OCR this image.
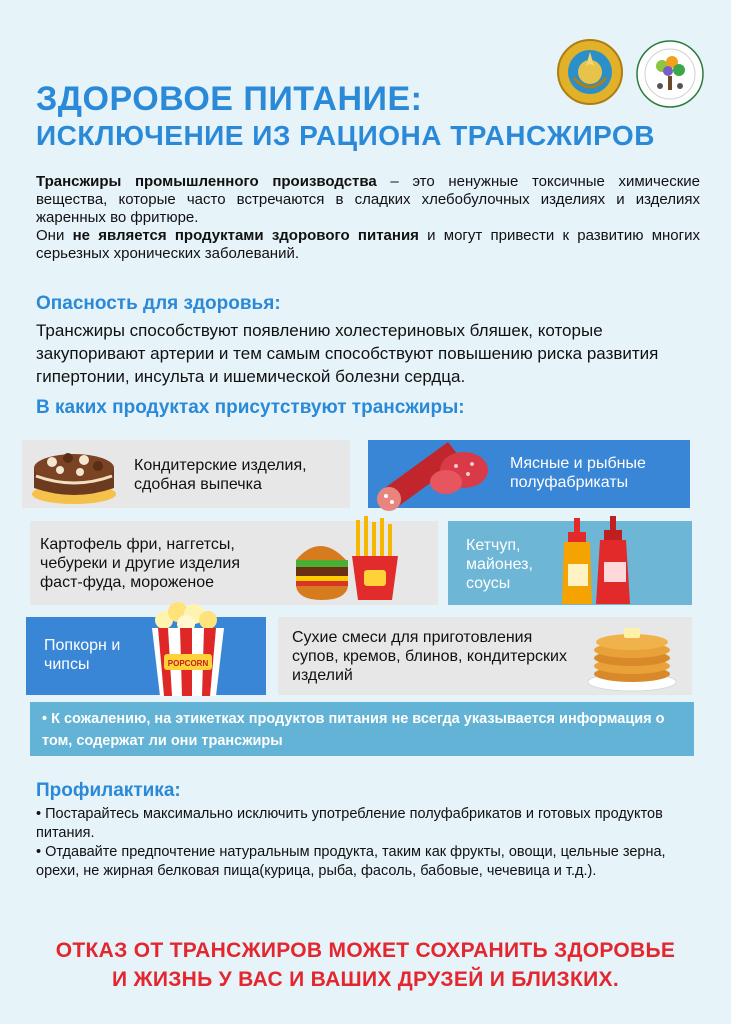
ЗДОРОВОЕ ПИТАНИЕ:
ИСКЛЮЧЕНИЕ ИЗ РАЦИОНА ТРАНСЖИРОВ

Трансжиры промышленного производства – это ненужные токсичные химические вещества, которые часто встречаются в сладких хлебобулочных изделиях и изделиях жаренных во фритюре.

Они не является продуктами здорового питания и могут привести к развитию многих серьезных хронических заболеваний.

Опасность для здоровья:
Трансжиры способствуют появлению холестериновых бляшек, которые закупоривают артерии и тем самым способствуют повышению риска развития гипертонии, инсульта и ишемической болезни сердца.
В каких продуктах присутствуют трансжиры:
Кондитерские изделия, сдобная выпечка
Мясные и рыбные полуфабрикаты
Картофель фри, наггетсы, чебуреки и другие изделия фаст-фуда, мороженое
Кетчуп, майонез, соусы
Попкорн и чипсы	POPCORN
Сухие смеси для приготовления супов, кремов, блинов, кондитерских изделий
• К сожалению, на этикетках продуктов питания не всегда указывается информация о том, содержат ли они трансжиры
Профилактика:

• Постарайтесь максимально исключить употребление полуфабрикатов и готовых продуктов питания.

• Отдавайте предпочтение натуральным продукта, таким как фрукты, овощи, цельные зерна, орехи, не жирная белковая пища(курица, рыба, фасоль, бабовые, чечевица и т.д.).

ОТКАЗ ОТ ТРАНСЖИРОВ МОЖЕТ СОХРАНИТЬ ЗДОРОВЬЕ
И ЖИЗНЬ У ВАС И ВАШИХ ДРУЗЕЙ И БЛИЗКИХ.
